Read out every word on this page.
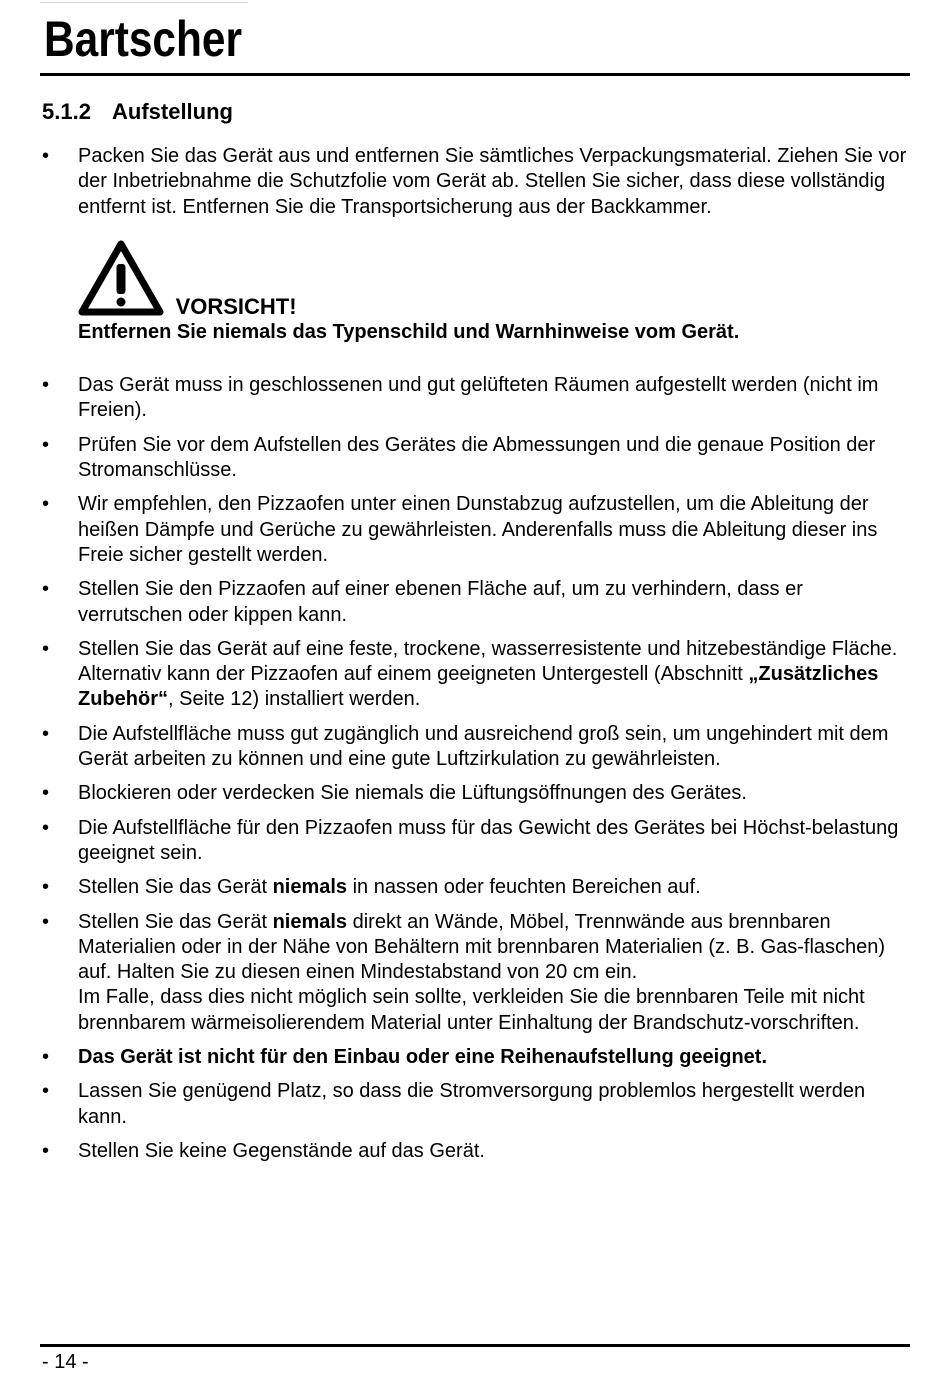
Bartscher
5.1.2 Aufstellung
• Packen Sie das Gerät aus und entfernen Sie sämtliches Verpackungsmaterial. Ziehen Sie vor der Inbetriebnahme die Schutzfolie vom Gerät ab. Stellen Sie sicher, dass diese vollständig entfernt ist. Entfernen Sie die Transportsicherung aus der Backkammer.
VORSICHT!
Entfernen Sie niemals das Typenschild und Warnhinweise vom Gerät.
• Das Gerät muss in geschlossenen und gut gelüfteten Räumen aufgestellt werden (nicht im Freien).
• Prüfen Sie vor dem Aufstellen des Gerätes die Abmessungen und die genaue Position der Stromanschlüsse.
• Wir empfehlen, den Pizzaofen unter einen Dunstabzug aufzustellen, um die Ableitung der heißen Dämpfe und Gerüche zu gewährleisten. Anderenfalls muss die Ableitung dieser ins Freie sicher gestellt werden.
• Stellen Sie den Pizzaofen auf einer ebenen Fläche auf, um zu verhindern, dass er verrutschen oder kippen kann.
• Stellen Sie das Gerät auf eine feste, trockene, wasserresistente und hitzebeständige Fläche. Alternativ kann der Pizzaofen auf einem geeigneten Untergestell (Abschnitt „Zusätzliches Zubehör“, Seite 12) installiert werden.
• Die Aufstellfläche muss gut zugänglich und ausreichend groß sein, um ungehindert mit dem Gerät arbeiten zu können und eine gute Luftzirkulation zu gewährleisten.
• Blockieren oder verdecken Sie niemals die Lüftungsöffnungen des Gerätes.
• Die Aufstellfläche für den Pizzaofen muss für das Gewicht des Gerätes bei Höchst-belastung geeignet sein.
• Stellen Sie das Gerät niemals in nassen oder feuchten Bereichen auf.
• Stellen Sie das Gerät niemals direkt an Wände, Möbel, Trennwände aus brennbaren Materialien oder in der Nähe von Behältern mit brennbaren Materialien (z. B. Gas-flaschen) auf. Halten Sie zu diesen einen Mindestabstand von 20 cm ein.
Im Falle, dass dies nicht möglich sein sollte, verkleiden Sie die brennbaren Teile mit nicht brennbarem wärmeisolierendem Material unter Einhaltung der Brandschutz-vorschriften.
• Das Gerät ist nicht für den Einbau oder eine Reihenaufstellung geeignet.
• Lassen Sie genügend Platz, so dass die Stromversorgung problemlos hergestellt werden kann.
• Stellen Sie keine Gegenstände auf das Gerät.
- 14 -
